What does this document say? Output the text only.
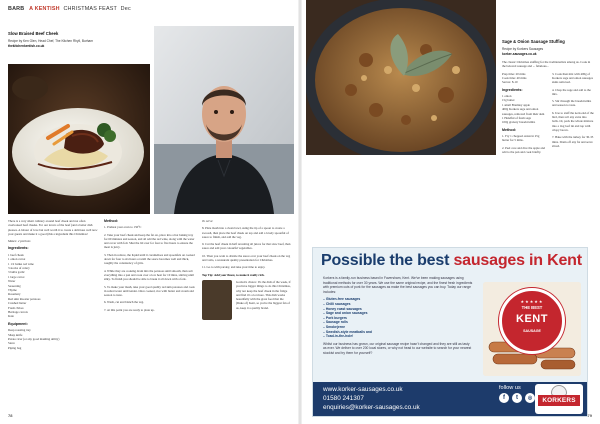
BARB A KENTISH CHRISTMAS FEAST Dec
Slow Braised Beef Cheek
Recipe by Ken Glen, Head Chef, The Kitchen Rhyll, Burham
thekitchenkentish.co.uk

There is a very silent culinary around beef cheek and not often overlooked beef cheeks. For our lovers of the beef (and a better dish pleases. A labour of love but well worth it to create a delicious well now your guests and make it a good (this a ingredient this Christmas!

Makes: 2 portions

Ingredients:
1 beef cheek
1 onion carrot
1 1/2 banks red wine
3 stocks of celery
3 bulbs garlic
1 large carrot
Water
Seasoning
Thyme
Rosemary
Red skin Rooster potatoes
Crushed butter
Fresh chives
Heritage carrots
Kale
Equipment:
Deep roasting tray
Sharp knife
Potato ricer (or any good mashing utility)
Sieve
Piping bag
Method:

1. Preheat your oven to 150°C

2. Take your beef cheek and keep the fat on, place into a hot baking tray for 60 minutes and season, and all add the red wine, along with the water and cover with foil. Shut the lid over for four to five hours to ensure the meat is juicy.

3. Then in reduce, the liquid until it caramelises and spoonfuls on cooked down for four to six hours or until the sauce becomes well and thick, roughly the consistency of grits.

4. While they are cooking drain mix the potatoes until smooth, then salt everything into a pan and cook over a low heat for 10 mins, stirring until silky. To finish you should be able to break it all down with a fork.

5. To make your mash, take your good quality red skin potatoes and cook in salted water until tender. Once cooked, rice with butter and cream and season to taste.

6. Wash, cut and blanch the veg.

7. At this point you are ready to plate up.

To serve:

8. Plate mash into a clean bowl, using the tip of a spoon to create a swoosh, then place the beef cheek on top and add a lovely spoonful of sauce to finish, and add the veg.

9. Cut the beef cheek in half revealing all juices for that slow beef, then sauce and add your colourful vegetables.

10. Then you want to drizzle the sauce over your beef cheek on the veg and voila, a restaurant quality presentation for Christmas.

11. Go to with parsley, and take your time to enjoy.

Top Tip: Add your finest, to make it really rich.

Gordon's choice: It's the dish of the week, if you have bigger things to do this Christmas, why not keep the beef cheek in the fridge and find it's a lot more. This dish works beautifully with the great food that the (Duke of) Kent, so you're the biggest fan of us, keep it a quality brand.

78
Sage & Onion Sausage Stuffing
Recipe by Korkers Sausages
korker-sausages.co.uk

The classic Christmas stuffing for the traditionalists among us. Cook in the beloved sausage and ... fabulous...

Prep time: 20 mins
Cook time: 40 mins
Serves: 8-10

Ingredients:
1 onion
15g butter
1 small Bramley apple
400g Korkers sage and onion sausages, removed from their skin
1 Handful of fresh sage
100g granary breadcrumbs
Method:

1. Fry 1 chopped onion in 25g butter for 5 mins.

2. Peel core and dice the apple and add to the pan and cook briefly.

3. Cook then mix with 400g of Korkers sage and onion sausages skins removed.

4. Chop the sage and add to the mix.

5. Stir through the breadcrumbs and season to taste.

6. Use to stuff the neck end of the bird, then roll any extra into balls. Or, pack the whole mixture into a 1kg loaf tin and top with crispy bacon.

7. Bake with the turkey for 30-35 mins. Drain off any fat and serve sliced.

Possible the best sausages in Kent

Korkers is a family-run business based in Faversham, Kent. We've been making sausages using traditional methods for over 30 years. We use the same original recipe, and the finest fresh ingredients with premium cuts of pork for the sausages as make the best sausages you can buy. Today our range includes:

– Gluten-free sausages
– Chilli sausages
– Honey roast sausages
– Sage and onion sausages
– Pork burgers
– Sausage rolls
– Smokejerne
– Swedish-style meatballs and
– Toad-in-the-hole!

Whilst our business has grown, our original sausage recipe hasn't changed and they are still as tasty as ever. We deliver to over 200 local stores, or why not head to our website to search for your nearest stockist and try them for yourself?

★★★★★
THE BEST
KENT
SAUSAGE
www.korker-sausages.co.uk
01580 241307
enquiries@korker-sausages.co.uk
follow us
f	t	◎	KORKERS
79
